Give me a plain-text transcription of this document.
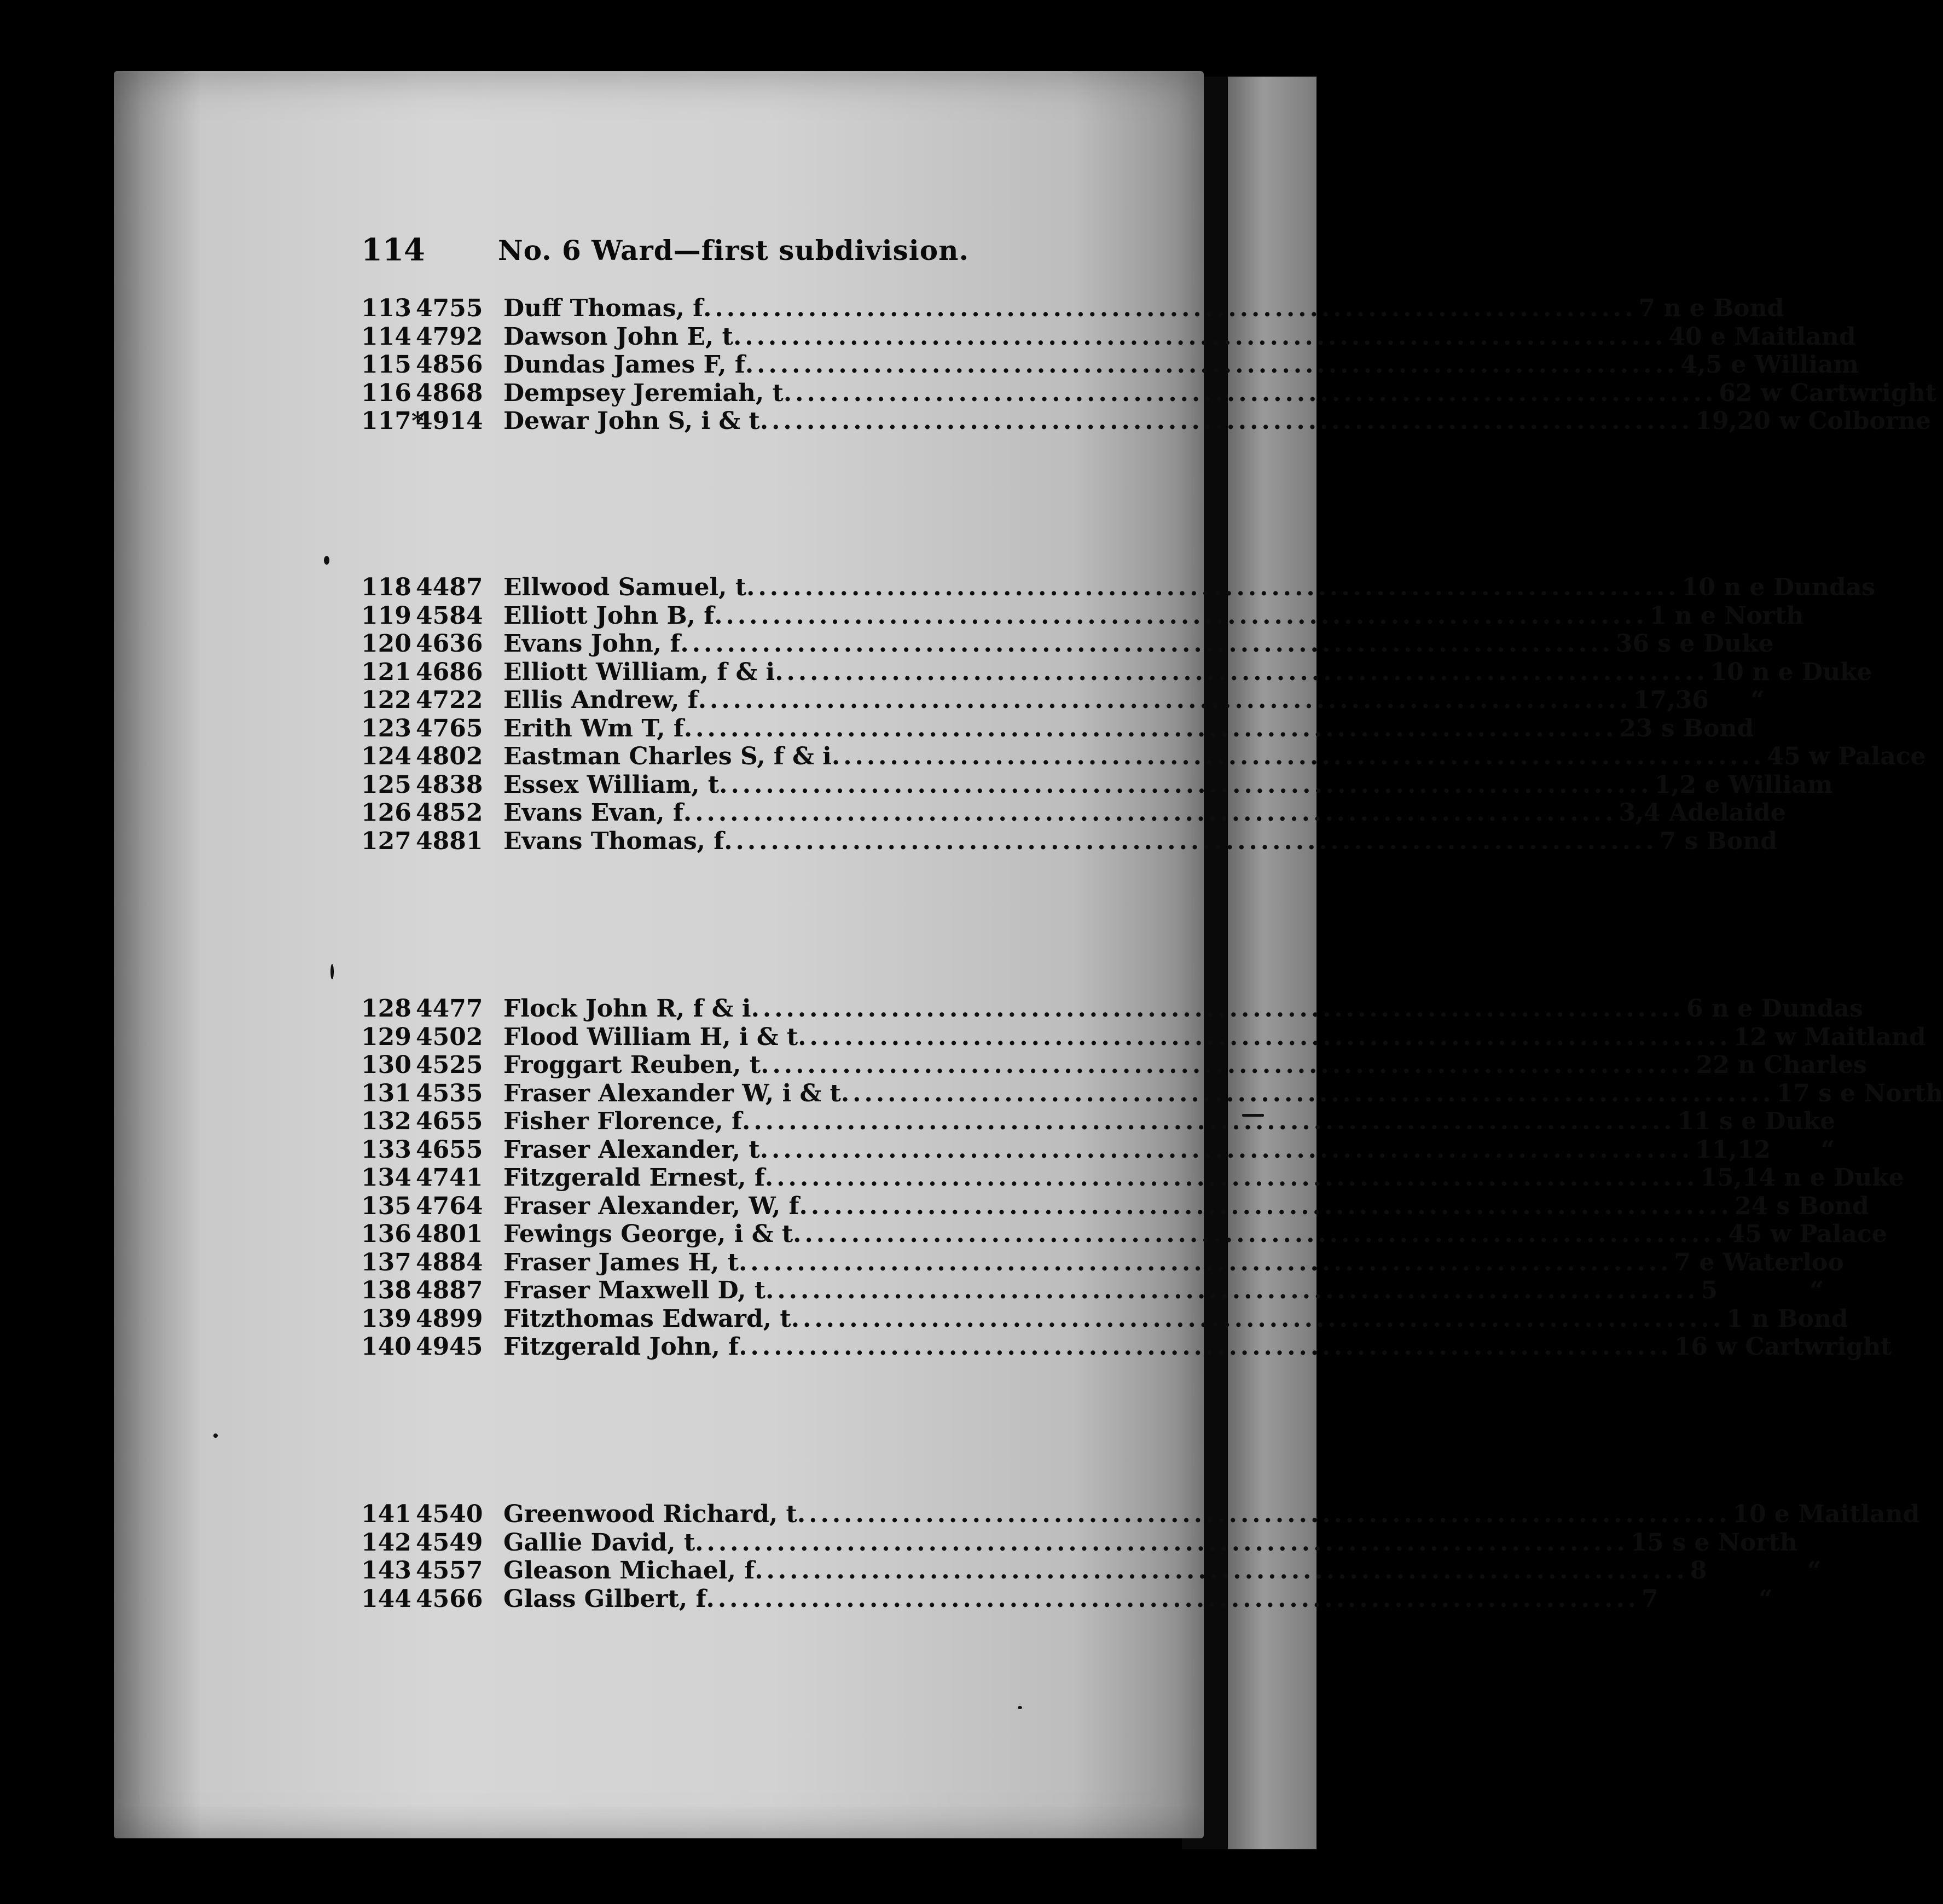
114	No. 6 Ward—first subdivision.
113 4755 Duff Thomas, f ................................................................................ 7 n e Bond
114 4792 Dawson John E, t ................................................................................ 40 e Maitland
115 4856 Dundas James F, f ................................................................................ 4,5 e William
116 4868 Dempsey Jeremiah, t ................................................................................ 62 w Cartwright
117*
4914 Dewar John S, i & t ................................................................................ 19,20 w Colborne
118 4487 Ellwood Samuel, t ................................................................................ 10 n e Dundas
119 4584 Elliott John B, f ................................................................................ 1 n e North
120 4636 Evans John, f ................................................................................ 36 s e Duke
121 4686 Elliott William, f & i ................................................................................ 10 n e Duke
122 4722 Ellis Andrew, f ................................................................................ 17,36     “
123 4765 Erith Wm T, f ................................................................................ 23 s Bond
124 4802 Eastman Charles S, f & i ................................................................................ 45 w Palace
125 4838 Essex William, t ................................................................................ 1,2 e William
126 4852 Evans Evan, f ................................................................................ 3,4 Adelaide
127 4881 Evans Thomas, f ................................................................................ 7 s Bond
128 4477 Flock John R, f & i ................................................................................ 6 n e Dundas
129 4502 Flood William H, i & t ................................................................................ 12 w Maitland
130 4525 Froggart Reuben, t ................................................................................ 22 n Charles
131 4535 Fraser Alexander W, i & t ................................................................................ 17 s e North
132 4655 Fisher Florence, f ................................................................................ 11 s e Duke
133 4655 Fraser Alexander, t ................................................................................ 11,12      “
134 4741 Fitzgerald Ernest, f ................................................................................ 15,14 n e Duke
135 4764 Fraser Alexander, W, f ................................................................................ 24 s Bond
136 4801 Fewings George, i & t ................................................................................ 45 w Palace
137 4884 Fraser James H, t ................................................................................ 7 e Waterloo
138 4887 Fraser Maxwell D, t ................................................................................ 5           “
139 4899 Fitzthomas Edward, t ................................................................................ 1 n Bond
140 4945 Fitzgerald John, f ................................................................................ 16 w Cartwright
141 4540 Greenwood Richard, t ................................................................................ 10 e Maitland
142 4549 Gallie David, t ................................................................................ 15 s e North
143 4557 Gleason Michael, f ................................................................................ 8            “
144 4566 Glass Gilbert, f ................................................................................ 7            “
